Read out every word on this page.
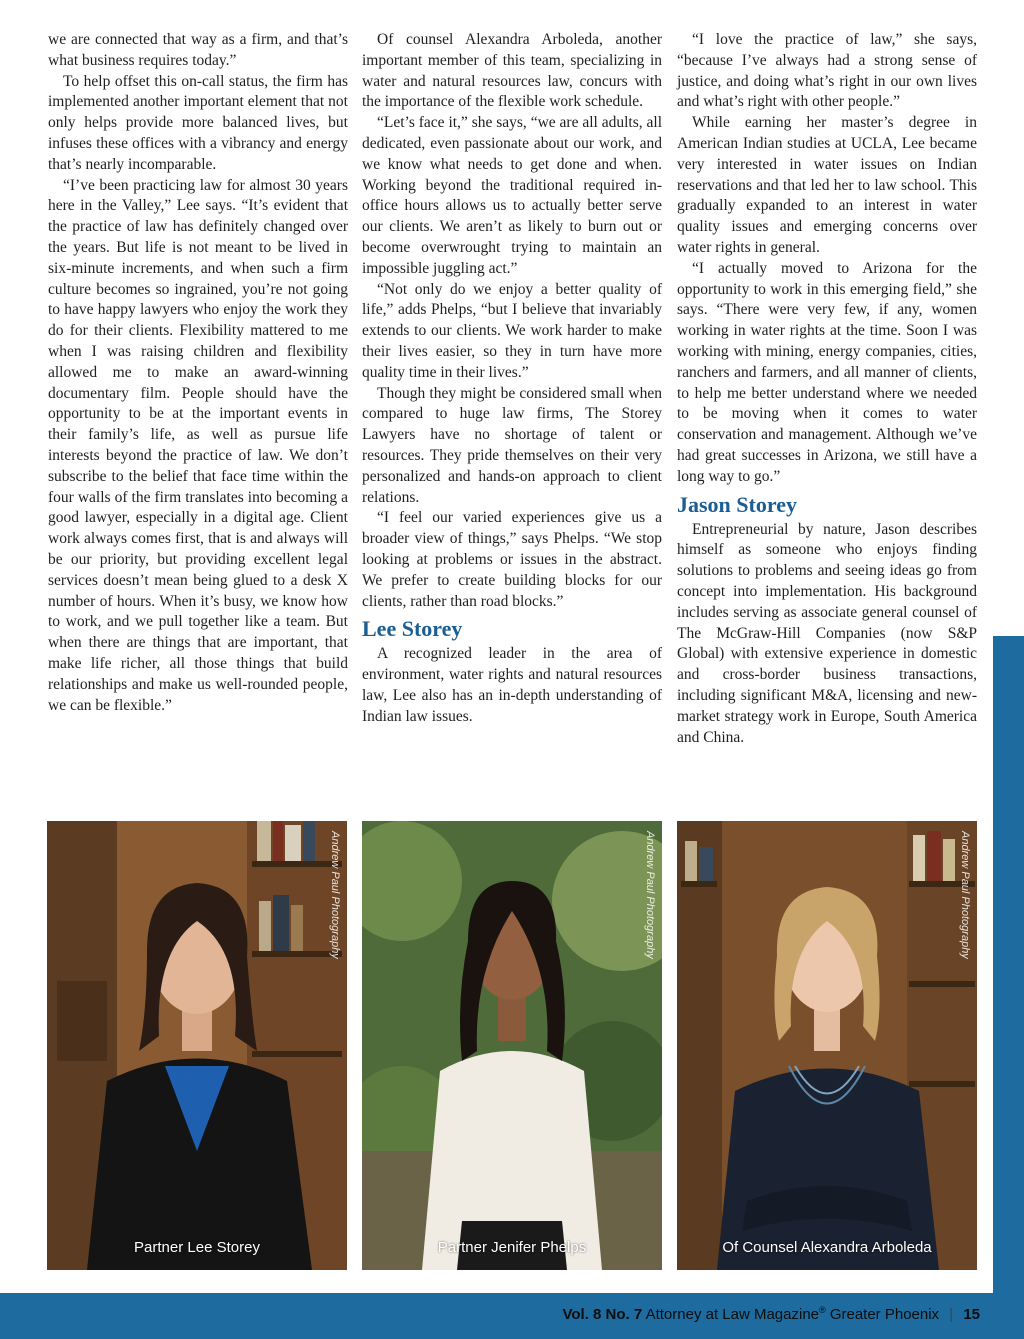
we are connected that way as a firm, and that’s what business requires today.”

To help offset this on-call status, the firm has implemented another important element that not only helps provide more balanced lives, but infuses these offices with a vibrancy and energy that’s nearly incomparable.

“I’ve been practicing law for almost 30 years here in the Valley,” Lee says. “It’s evident that the practice of law has definitely changed over the years. But life is not meant to be lived in six-minute increments, and when such a firm culture becomes so ingrained, you’re not going to have happy lawyers who enjoy the work they do for their clients. Flexibility mattered to me when I was raising children and flexibility allowed me to make an award-winning documentary film. People should have the opportunity to be at the important events in their family’s life, as well as pursue life interests beyond the practice of law. We don’t subscribe to the belief that face time within the four walls of the firm translates into becoming a good lawyer, especially in a digital age. Client work always comes first, that is and always will be our priority, but providing excellent legal services doesn’t mean being glued to a desk X number of hours. When it’s busy, we know how to work, and we pull together like a team. But when there are things that are important, that make life richer, all those things that build relationships and make us well-rounded people, we can be flexible.”

Of counsel Alexandra Arboleda, another important member of this team, specializing in water and natural resources law, concurs with the importance of the flexible work schedule.

“Let’s face it,” she says, “we are all adults, all dedicated, even passionate about our work, and we know what needs to get done and when. Working beyond the traditional required in-office hours allows us to actually better serve our clients. We aren’t as likely to burn out or become overwrought trying to maintain an impossible juggling act.”

“Not only do we enjoy a better quality of life,” adds Phelps, “but I believe that invariably extends to our clients. We work harder to make their lives easier, so they in turn have more quality time in their lives.”

Though they might be considered small when compared to huge law firms, The Storey Lawyers have no shortage of talent or resources. They pride themselves on their very personalized and hands-on approach to client relations.

“I feel our varied experiences give us a broader view of things,” says Phelps. “We stop looking at problems or issues in the abstract. We prefer to create building blocks for our clients, rather than road blocks.”

Lee Storey

A recognized leader in the area of environment, water rights and natural resources law, Lee also has an in-depth understanding of Indian law issues.

“I love the practice of law,” she says, “because I’ve always had a strong sense of justice, and doing what’s right in our own lives and what’s right with other people.”

While earning her master’s degree in American Indian studies at UCLA, Lee became very interested in water issues on Indian reservations and that led her to law school. This gradually expanded to an interest in water quality issues and emerging concerns over water rights in general.

“I actually moved to Arizona for the opportunity to work in this emerging field,” she says. “There were very few, if any, women working in water rights at the time. Soon I was working with mining, energy companies, cities, ranchers and farmers, and all manner of clients, to help me better understand where we needed to be moving when it comes to water conservation and management. Although we’ve had great successes in Arizona, we still have a long way to go.”

Jason Storey

Entrepreneurial by nature, Jason describes himself as someone who enjoys finding solutions to problems and seeing ideas go from concept into implementation. His background includes serving as associate general counsel of The McGraw-Hill Companies (now S&P Global) with extensive experience in domestic and cross-border business transactions, including significant M&A, licensing and new-market strategy work in Europe, South America and China.

Andrew Paul Photography
Partner Lee Storey
Andrew Paul Photography
Partner Jenifer Phelps
Andrew Paul Photography
Of Counsel Alexandra Arboleda
Vol. 8 No. 7 Attorney at Law Magazine® Greater Phoenix | 15
